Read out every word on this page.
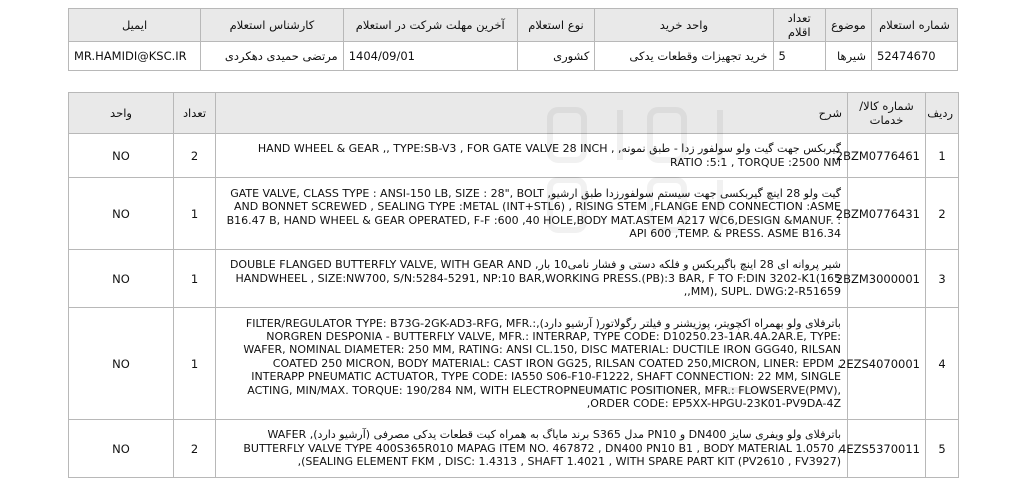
شماره استعلام	موضوع	تعداد اقلام	واحد خرید	نوع استعلام	آخرین مهلت شرکت در استعلام	کارشناس استعلام	ایمیل
52474670	شیرها	5	خرید تجهیزات وقطعات یدکی	کشوری	1404/09/01	مرتضی حمیدی دهکردی	MR.HAMIDI@KSC.IR
ردیف	شماره کالا/خدمات	شرح	تعداد	واحد
1	2BZM0776461	گیربکس جهت گیت ولو سولفور زدا - طبق نمونه, HAND WHEEL & GEAR ,, TYPE:SB-V3 , FOR GATE VALVE 28 INCH , RATIO :5:1 , TORQUE :2500 NM	2	NO
2	2BZM0776431	گیت ولو 28 اینچ گیربکسی جهت سیستم سولفورزدا طبق ارشیو, GATE VALVE, CLASS TYPE : ANSI-150 LB, SIZE : 28", BOLT AND BONNET SCREWED , SEALING TYPE :METAL (INT+STL6) , RISING STEM ,FLANGE END CONNECTION :ASME B16.47 B, HAND WHEEL & GEAR OPERATED, F-F :600 ,40 HOLE,BODY MAT.ASTEM A217 WC6,DESIGN &MANUF. : API 600 ,TEMP. & PRESS. ASME B16.34	1	NO
3	2BZM3000001	شیر پروانه ای 28 اینچ باگیربکس و فلکه دستی و فشار نامی10 بار, DOUBLE FLANGED BUTTERFLY VALVE, WITH GEAR AND HANDWHEEL , SIZE:NW700, S/N:5284-5291, NP:10 BAR,WORKING PRESS.(PB):3 BAR, F TO F:DIN 3202-K1(165 MM), SUPL. DWG:2-R51659,,	1	NO
4	2EZS4070001	باترفلای ولو بهمراه اکچویتر، پوزیشنر و فیلتر رگولاتور( آرشیو دارد),:FILTER/REGULATOR TYPE: B73G-2GK-AD3-RFG, MFR. NORGREN DESPONIA - BUTTERFLY VALVE, MFR.: INTERRAP, TYPE CODE: D10250.23-1AR.4A.2AR.E, TYPE: WAFER, NOMINAL DIAMETER: 250 MM, RATING: ANSI CL.150, DISC MATERIAL: DUCTILE IRON GGG40, RILSAN COATED 250 MICRON, BODY MATERIAL: CAST IRON GG25, RILSAN COATED 250,MICRON, LINER: EPDM , INTERAPP PNEUMATIC ACTUATOR, TYPE CODE: IA550 S06-F10-F1222, SHAFT CONNECTION: 22 MM, SINGLE ACTING, MIN/MAX. TORQUE: 190/284 NM, WITH ELECTROPNEUMATIC POSITIONER, MFR.: FLOWSERVE(PMV), ORDER CODE: EP5XX-HPGU-23K01-PV9DA-4Z,	1	NO
5	4EZS5370011	باترفلای ولو ویفری سایز DN400 و PN10 مدل S365 برند مایاگ به همراه کیت قطعات یدکی مصرفی (آرشیو دارد), WAFER BUTTERFLY VALVE TYPE 400S365R010 MAPAG ITEM NO. 467872 , DN400 PN10 B1 , BODY MATERIAL 1.0570 , (SEALING ELEMENT FKM , DISC: 1.4313 , SHAFT 1.4021 , WITH SPARE PART KIT (PV2610 , FV3927),	2	NO
